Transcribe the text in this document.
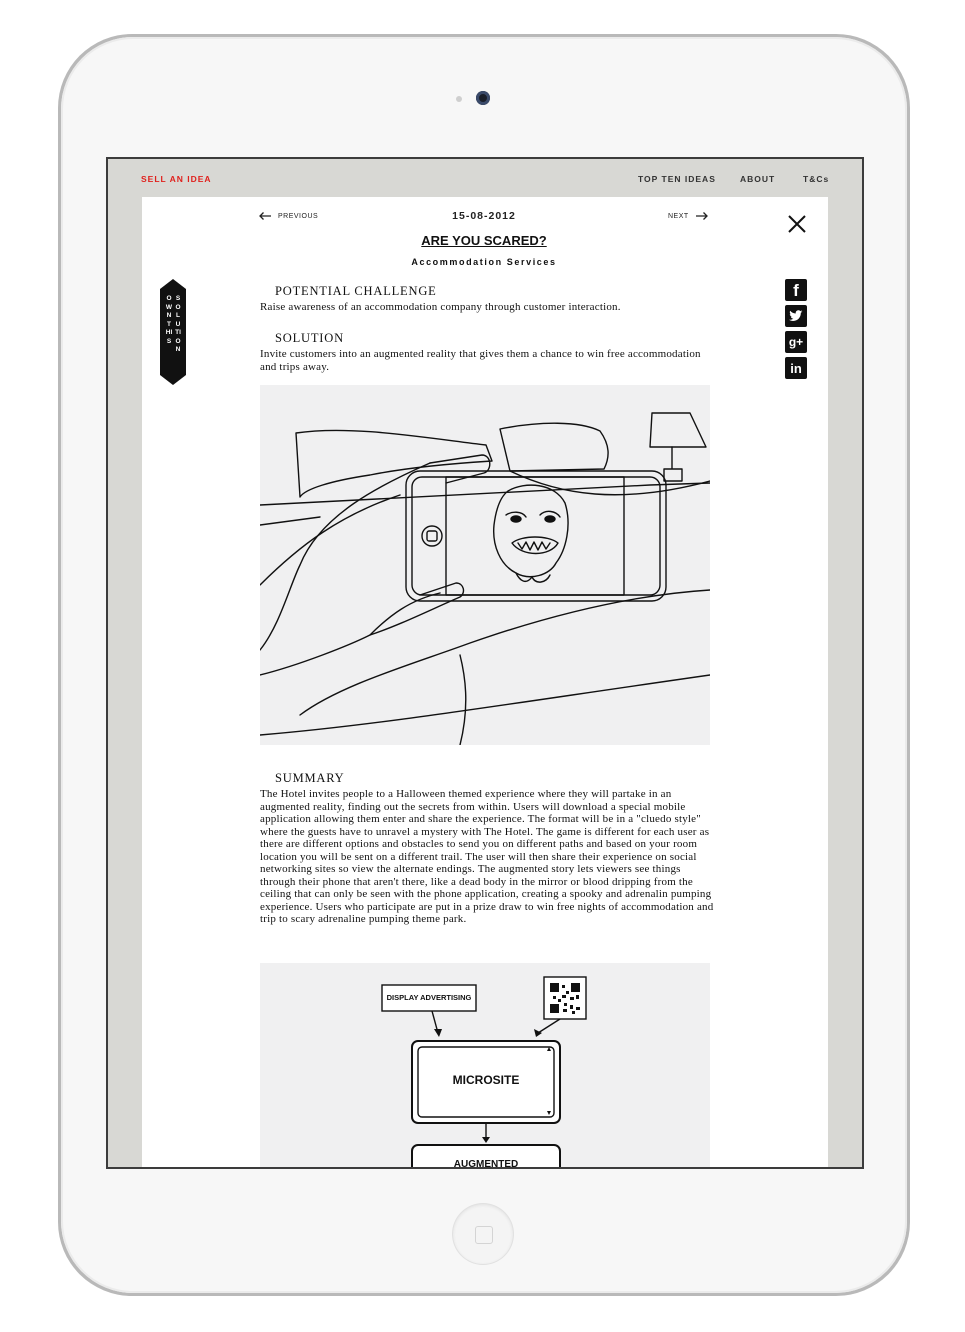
SELL AN IDEA	TOP TEN IDEAS	ABOUT	T&Cs
PREVIOUS	15-08-2012	NEXT
ARE YOU SCARED?
Accommodation Services
OWN THIS
SOLUTION
f
g+
in
POTENTIAL CHALLENGE
Raise awareness of an accommodation company through customer interaction.
SOLUTION
Invite customers into an augmented reality that gives them a chance to win free accommodation and trips away.
SUMMARY
The Hotel invites people to a Halloween themed experience where they will partake in an augmented reality, finding out the secrets from within. Users will download a special mobile application allowing them enter and share the experience. The format will be in a "cluedo style" where the guests have to unravel a mystery with The Hotel. The game is different for each user as there are different options and obstacles to send you on different paths and based on your room location you will be sent on a different trail. The user will then share their experience on social networking sites so view the alternate endings. The augmented story lets viewers see things through their phone that aren't there, like a dead body in the mirror or blood dripping from the ceiling that can only be seen with the phone application, creating a spooky and adrenalin pumping experience. Users who participate are put in a prize draw to win free nights of accommodation and trip to scary adrenaline pumping theme park.
DISPLAY ADVERTISING
MICROSITE
AUGMENTED
